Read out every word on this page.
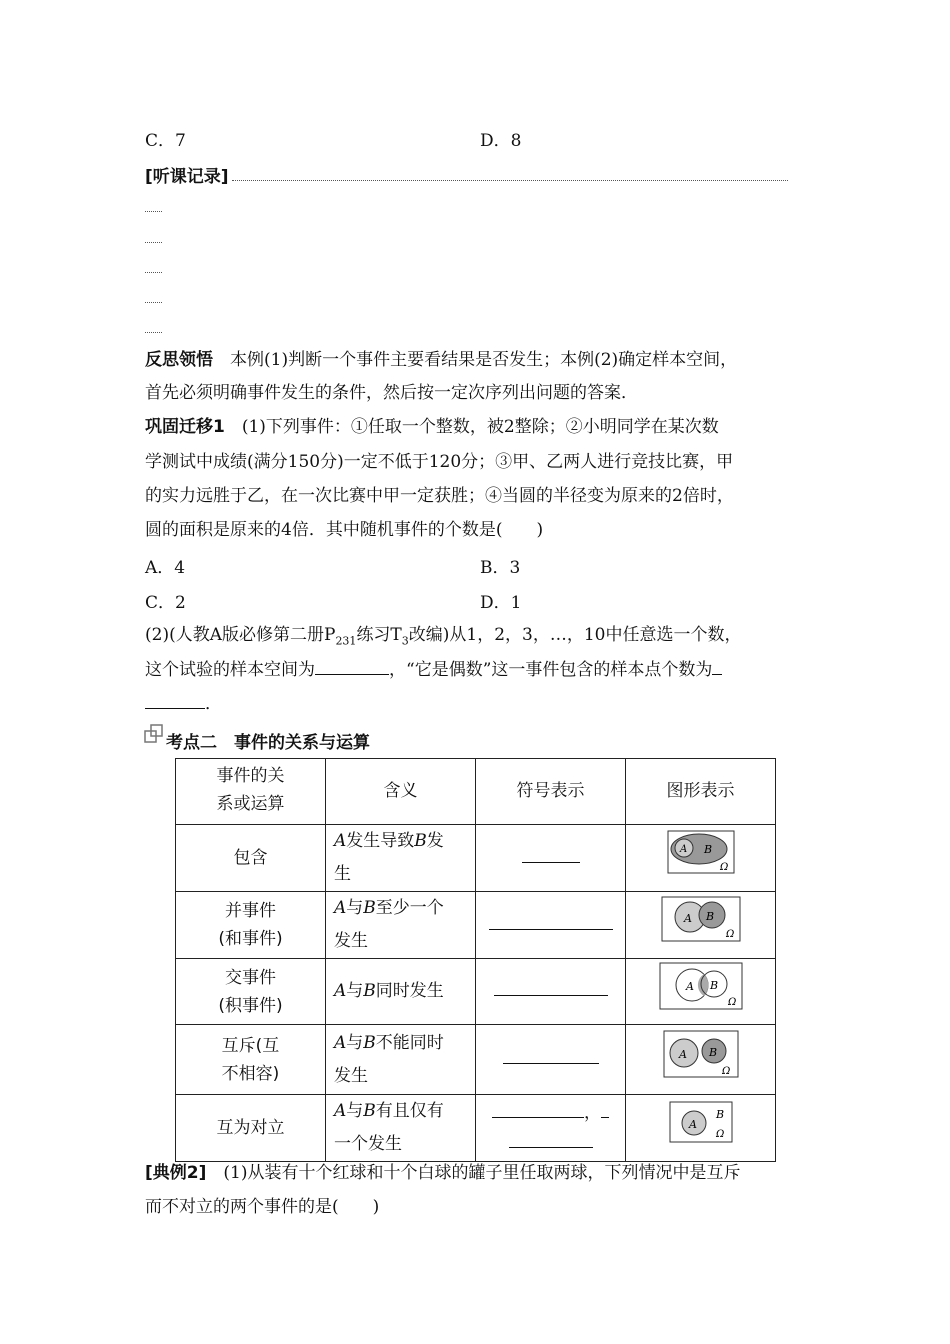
C．7	D．8
[听课记录]
反思领悟　 本例(1)判断一个事件主要看结果是否发生；本例(2)确定样本空间，
首先必须明确事件发生的条件，然后按一定次序列出问题的答案．
巩固迁移1　 (1)下列事件：①任取一个整数，被2整除；②小明同学在某次数
学测试中成绩(满分150分)一定不低于120分；③甲、乙两人进行竞技比赛，甲
的实力远胜于乙，在一次比赛中甲一定获胜；④当圆的半径变为原来的2倍时，
圆的面积是原来的4倍．其中随机事件的个数是(　　)
A．4	B．3
C．2	D．1
(2)(人教A版必修第二册$P_{231}$练习$T_3$改编)从1，2，3，…，10中任意选一个数，
这个试验的样本空间为	，“它是偶数”这一事件包含的样本点个数为
．
考点二　事件的关系与运算
事件的关
系或运算	含义	符号表示	图形表示
包含	A发生导致B发
生		A B
Ω

并事件
(和事件)	A与B至少一个
发生		A B
Ω

交事件
(积事件)	A与B同时发生		A B
Ω

互斥(互
不相容)	A与B不能同时
发生		A B
Ω

互为对立	A与B有且仅有
一个发生	，	A
B
Ω
[典例2]　 (1)从装有十个红球和十个白球的罐子里任取两球，下列情况中是互斥
而不对立的两个事件的是(　　)
